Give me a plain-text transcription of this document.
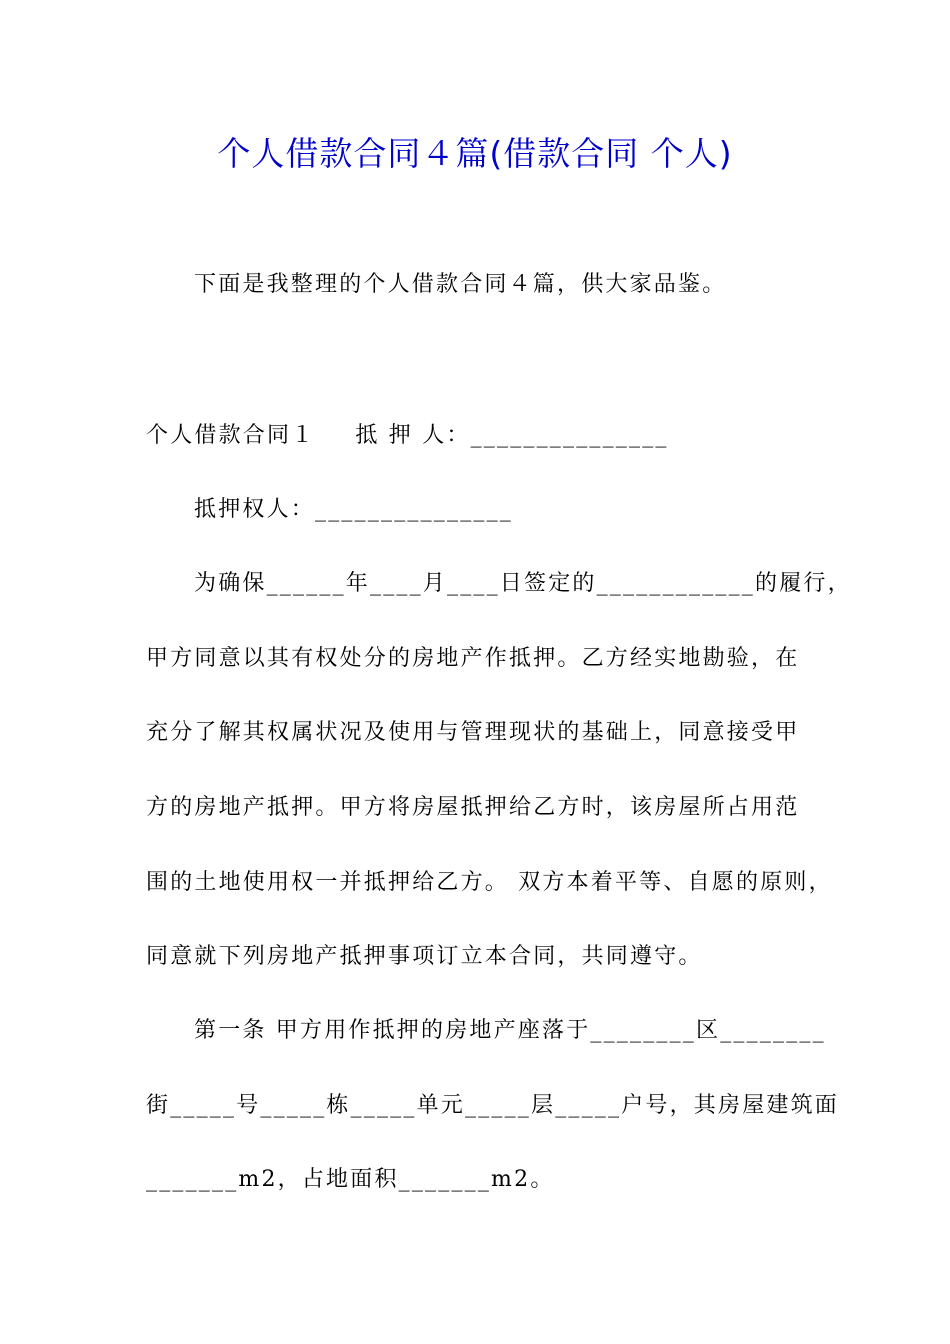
个人借款合同４篇(借款合同 个人)
下面是我整理的个人借款合同４篇，供大家品鉴。
个人借款合同１ 抵 押 人：_______________
抵押权人：_______________
为确保______年____月____日签定的____________的履行，
甲方同意以其有权处分的房地产作抵押。乙方经实地勘验，在
充分了解其权属状况及使用与管理现状的基础上，同意接受甲
方的房地产抵押。甲方将房屋抵押给乙方时，该房屋所占用范
围的土地使用权一并抵押给乙方。 双方本着平等、自愿的原则，
同意就下列房地产抵押事项订立本合同，共同遵守。
第一条 甲方用作抵押的房地产座落于________区________
街_____号_____栋_____单元_____层_____户号，其房屋建筑面
_______m2，占地面积_______m2。
